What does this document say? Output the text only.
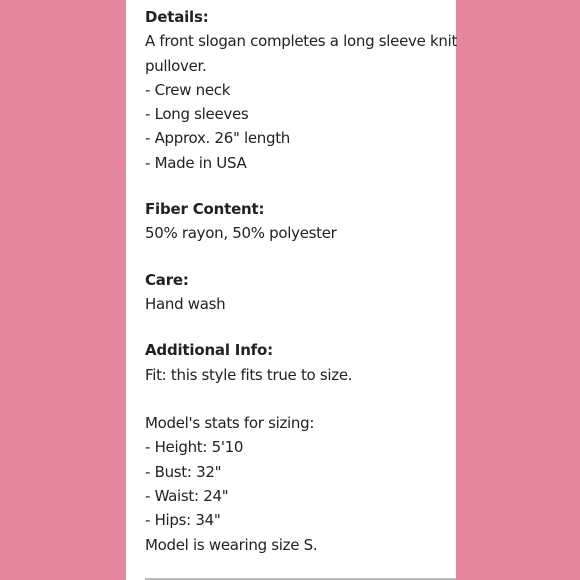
Details:

A front slogan completes a long sleeve knit

pullover.

- Crew neck

- Long sleeves

- Approx. 26" length

- Made in USA

Fiber Content:

50% rayon, 50% polyester

Care:

Hand wash

Additional Info:

Fit: this style fits true to size.

Model's stats for sizing:

- Height: 5'10

- Bust: 32"

- Waist: 24"

- Hips: 34"

Model is wearing size S.
